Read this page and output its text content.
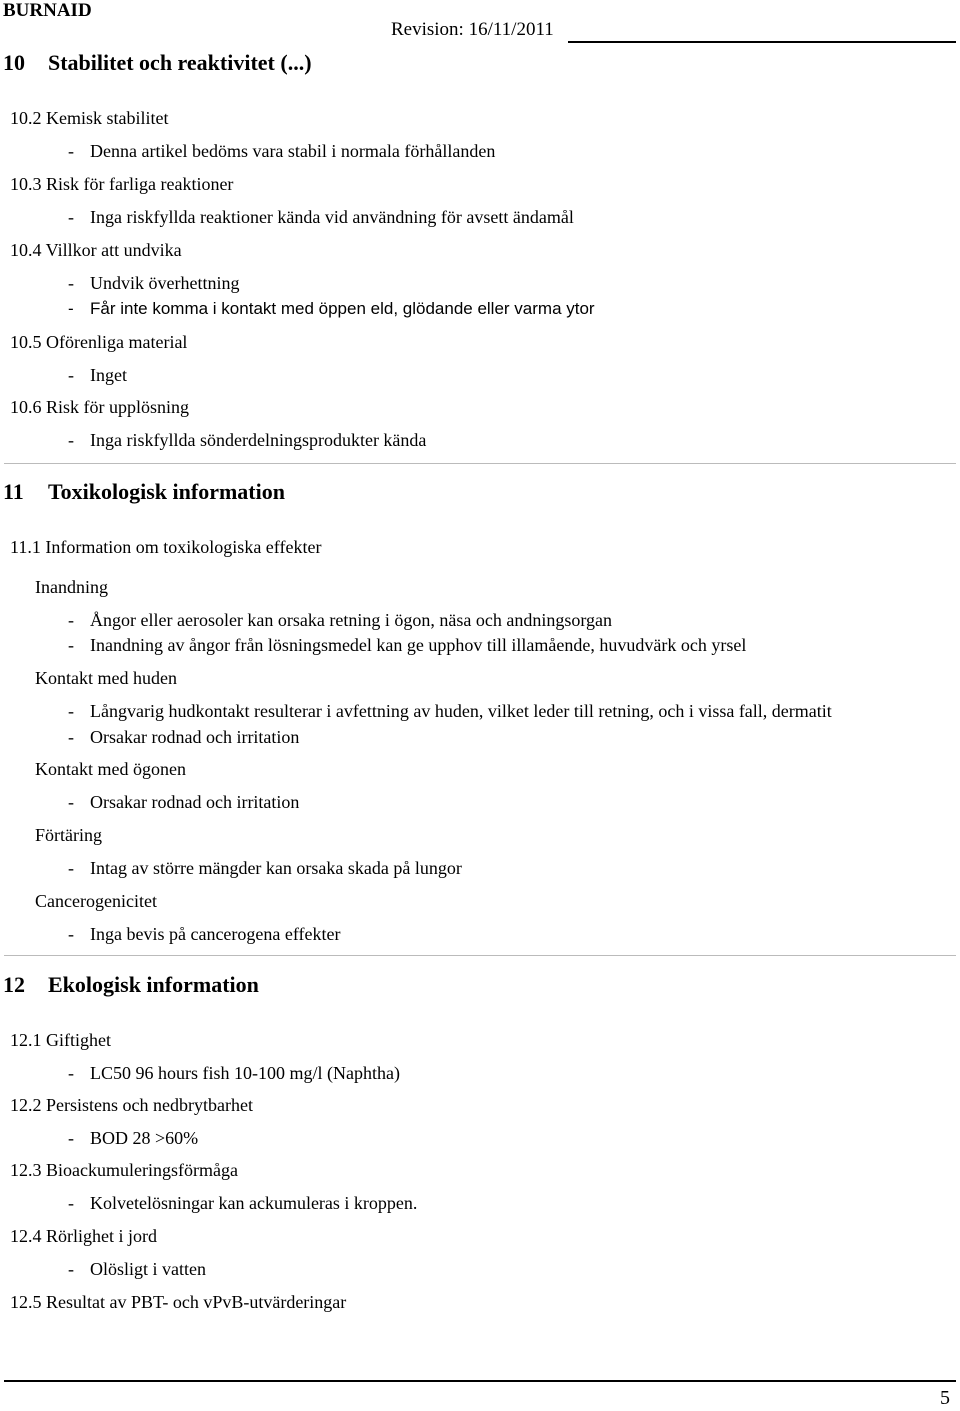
BURNAID
Revision: 16/11/2011
10 Stabilitet och reaktivitet (...)
10.2 Kemisk stabilitet
- Denna artikel bedöms vara stabil i normala förhållanden
10.3 Risk för farliga reaktioner
- Inga riskfyllda reaktioner kända vid användning för avsett ändamål
10.4 Villkor att undvika
- Undvik överhettning
- Får inte komma i kontakt med öppen eld, glödande eller varma ytor
10.5 Oförenliga material
- Inget
10.6 Risk för upplösning
- Inga riskfyllda sönderdelningsprodukter kända
11 Toxikologisk information
11.1 Information om toxikologiska effekter
Inandning
- Ångor eller aerosoler kan orsaka retning i ögon, näsa och andningsorgan
- Inandning av ångor från lösningsmedel kan ge upphov till illamående, huvudvärk och yrsel
Kontakt med huden
- Långvarig hudkontakt resulterar i avfettning av huden, vilket leder till retning, och i vissa fall, dermatit
- Orsakar rodnad och irritation
Kontakt med ögonen
- Orsakar rodnad och irritation
Förtäring
- Intag av större mängder kan orsaka skada på lungor
Cancerogenicitet
- Inga bevis på cancerogena effekter
12 Ekologisk information
12.1 Giftighet
- LC50 96 hours fish 10-100 mg/l (Naphtha)
12.2 Persistens och nedbrytbarhet
- BOD 28 >60%
12.3 Bioackumuleringsförmåga
- Kolvetelösningar kan ackumuleras i kroppen.
12.4 Rörlighet i jord
- Olösligt i vatten
12.5 Resultat av PBT- och vPvB-utvärderingar
5
